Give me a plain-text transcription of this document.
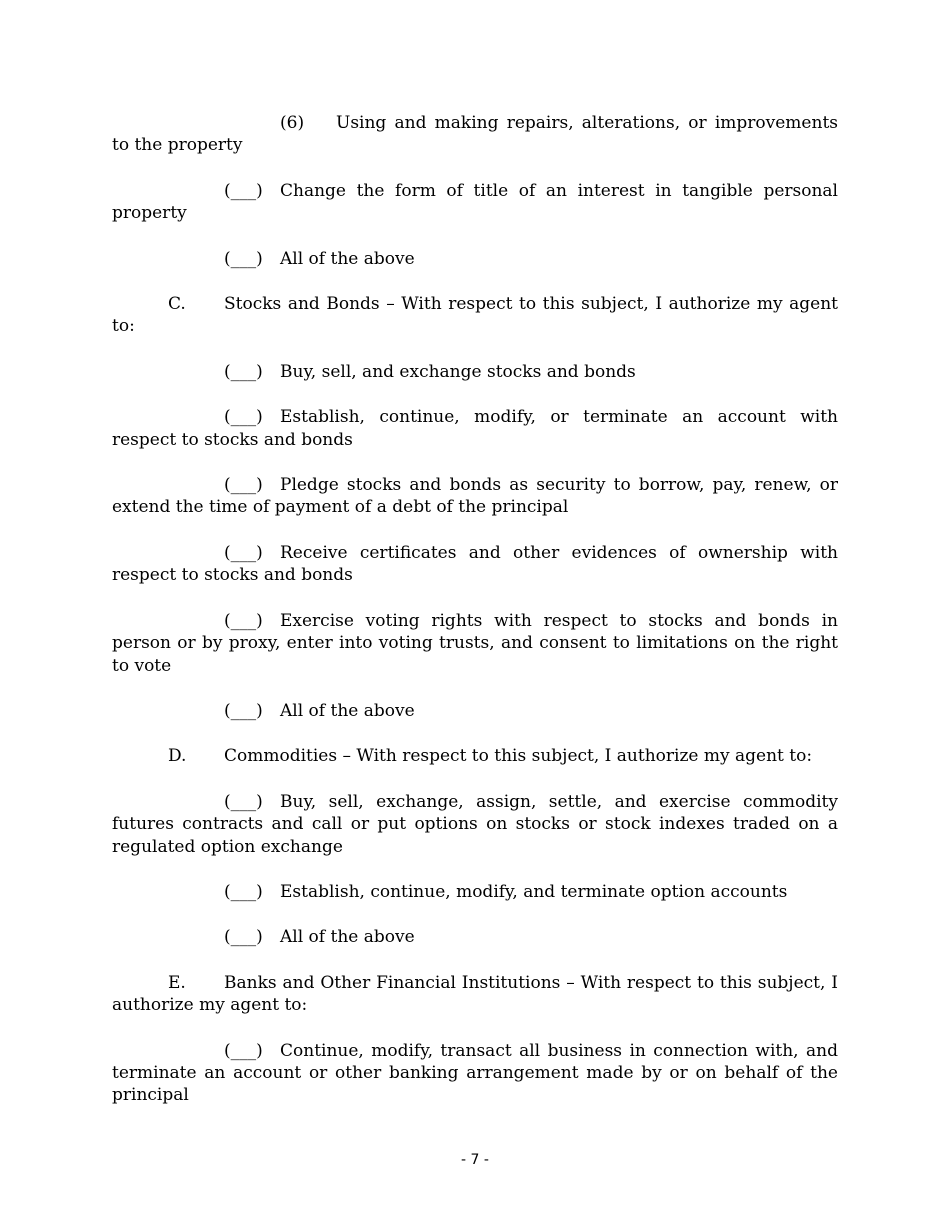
(6) Using and making repairs, alterations, or improvements to the property

(___) Change the form of title of an interest in tangible personal property

(___) All of the above

C. Stocks and Bonds – With respect to this subject, I authorize my agent to:

(___) Buy, sell, and exchange stocks and bonds

(___) Establish, continue, modify, or terminate an account with respect to stocks and bonds

(___) Pledge stocks and bonds as security to borrow, pay, renew, or extend the time of payment of a debt of the principal

(___) Receive certificates and other evidences of ownership with respect to stocks and bonds

(___) Exercise voting rights with respect to stocks and bonds in person or by proxy, enter into voting trusts, and consent to limitations on the right to vote

(___) All of the above

D. Commodities – With respect to this subject, I authorize my agent to:

(___) Buy, sell, exchange, assign, settle, and exercise commodity futures contracts and call or put options on stocks or stock indexes traded on a regulated option exchange

(___) Establish, continue, modify, and terminate option accounts

(___) All of the above

E. Banks and Other Financial Institutions – With respect to this subject, I authorize my agent to:

(___) Continue, modify, transact all business in connection with, and terminate an account or other banking arrangement made by or on behalf of the principal

- 7 -
